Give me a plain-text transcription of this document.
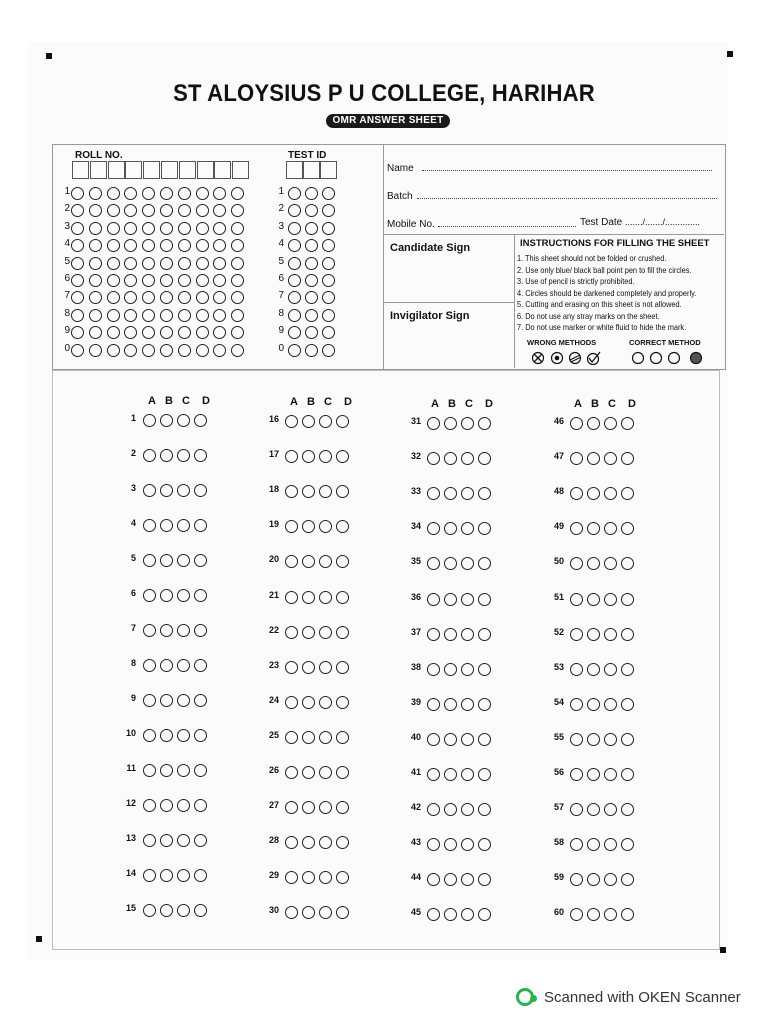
ST ALOYSIUS P U COLLEGE, HARIHAR
OMR ANSWER SHEET
ROLL NO.	TEST ID
1
2
3
4
5
6
7
8
9
0
1
2
3
4
5
6
7
8
9
0
Name
Batch
Mobile No.	Test Date ......./......./..............
Candidate Sign
Invigilator Sign
INSTRUCTIONS FOR FILLING THE SHEET
1. This sheet should not be folded or crushed.
2. Use only blue/ black ball point pen to fill the circles.
3. Use of pencil is strictly prohibited.
4. Circles should be darkened completely and properly.
5. Cutting and erasing on this sheet is not allowed.
6. Do not use any stray marks on the sheet.
7. Do not use marker or white fluid to hide the mark.
WRONG METHODS	CORRECT METHOD
A B C D
1
2
3
4
5
6
7
8
9
10
11
12
13
14
15
A B C D
16
17
18
19
20
21
22
23
24
25
26
27
28
29
30
A B C D
31
32
33
34
35
36
37
38
39
40
41
42
43
44
45
A B C D
46
47
48
49
50
51
52
53
54
55
56
57
58
59
60
Scanned with OKEN Scanner
